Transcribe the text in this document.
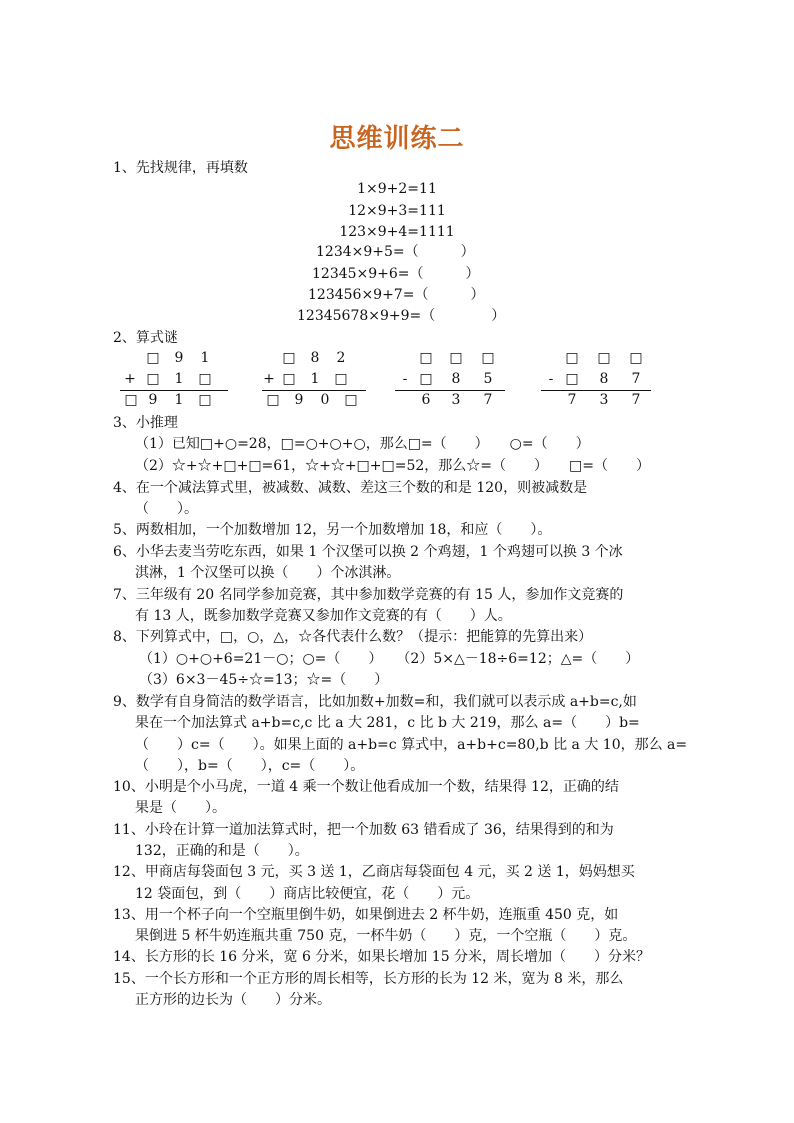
思维训练二
1、先找规律，再填数
1×9+2=11
12×9+3=111
123×9+4=1111
1234×9+5=（　　　）
12345×9+6=（　　　）
123456×9+7=（　　　）
12345678×9+9=（　　　　）
2、算式谜
□	9	1
+ □	1	□
□ 9	1	□
□	8	2
+ □	1	□
□	9	0	□
□ □ □
- □	8	5
6	3	7
□ □ □
- □	8	7
7	3	7
3、小推理
（1）已知□+○=28，□=○+○+○，那么□=（　　）　　○=（　　）
（2）☆+☆+□+□=61，☆+☆+□+□=52，那么☆=（　　）　　□=（　　）
4、在一个减法算式里，被减数、减数、差这三个数的和是 120，则被减数是
（　　）。
5、两数相加，一个加数增加 12，另一个加数增加 18，和应（　　）。
6、小华去麦当劳吃东西，如果 1 个汉堡可以换 2 个鸡翅，1 个鸡翅可以换 3 个冰
淇淋，1 个汉堡可以换（　　）个冰淇淋。
7、三年级有 20 名同学参加竞赛，其中参加数学竞赛的有 15 人，参加作文竞赛的
有 13 人，既参加数学竞赛又参加作文竞赛的有（　　）人。
8、下列算式中，□，○，△，☆各代表什么数？（提示：把能算的先算出来）
（1）○+○+6=21－○；○=（　　）　　（2）5×△－18÷6=12；△=（　　）
（3）6×3－45÷☆=13；☆=（　　）
9、数学有自身简洁的数学语言，比如加数+加数=和，我们就可以表示成 a+b=c,如
果在一个加法算式 a+b=c,c 比 a 大 281，c 比 b 大 219，那么 a=（　　）b=
（　　）c=（　　）。如果上面的 a+b=c 算式中，a+b+c=80,b 比 a 大 10，那么 a=
（　　），b=（　　），c=（　　）。
10、小明是个小马虎，一道 4 乘一个数让他看成加一个数，结果得 12，正确的结
果是（　　）。
11、小玲在计算一道加法算式时，把一个加数 63 错看成了 36，结果得到的和为
132，正确的和是（　　）。
12、甲商店每袋面包 3 元，买 3 送 1，乙商店每袋面包 4 元，买 2 送 1，妈妈想买
12 袋面包，到（　　）商店比较便宜，花（　　）元。
13、用一个杯子向一个空瓶里倒牛奶，如果倒进去 2 杯牛奶，连瓶重 450 克，如
果倒进 5 杯牛奶连瓶共重 750 克，一杯牛奶（　　）克，一个空瓶（　　）克。
14、长方形的长 16 分米，宽 6 分米，如果长增加 15 分米，周长增加（　　）分米？
15、一个长方形和一个正方形的周长相等，长方形的长为 12 米，宽为 8 米，那么
正方形的边长为（　　）分米。
